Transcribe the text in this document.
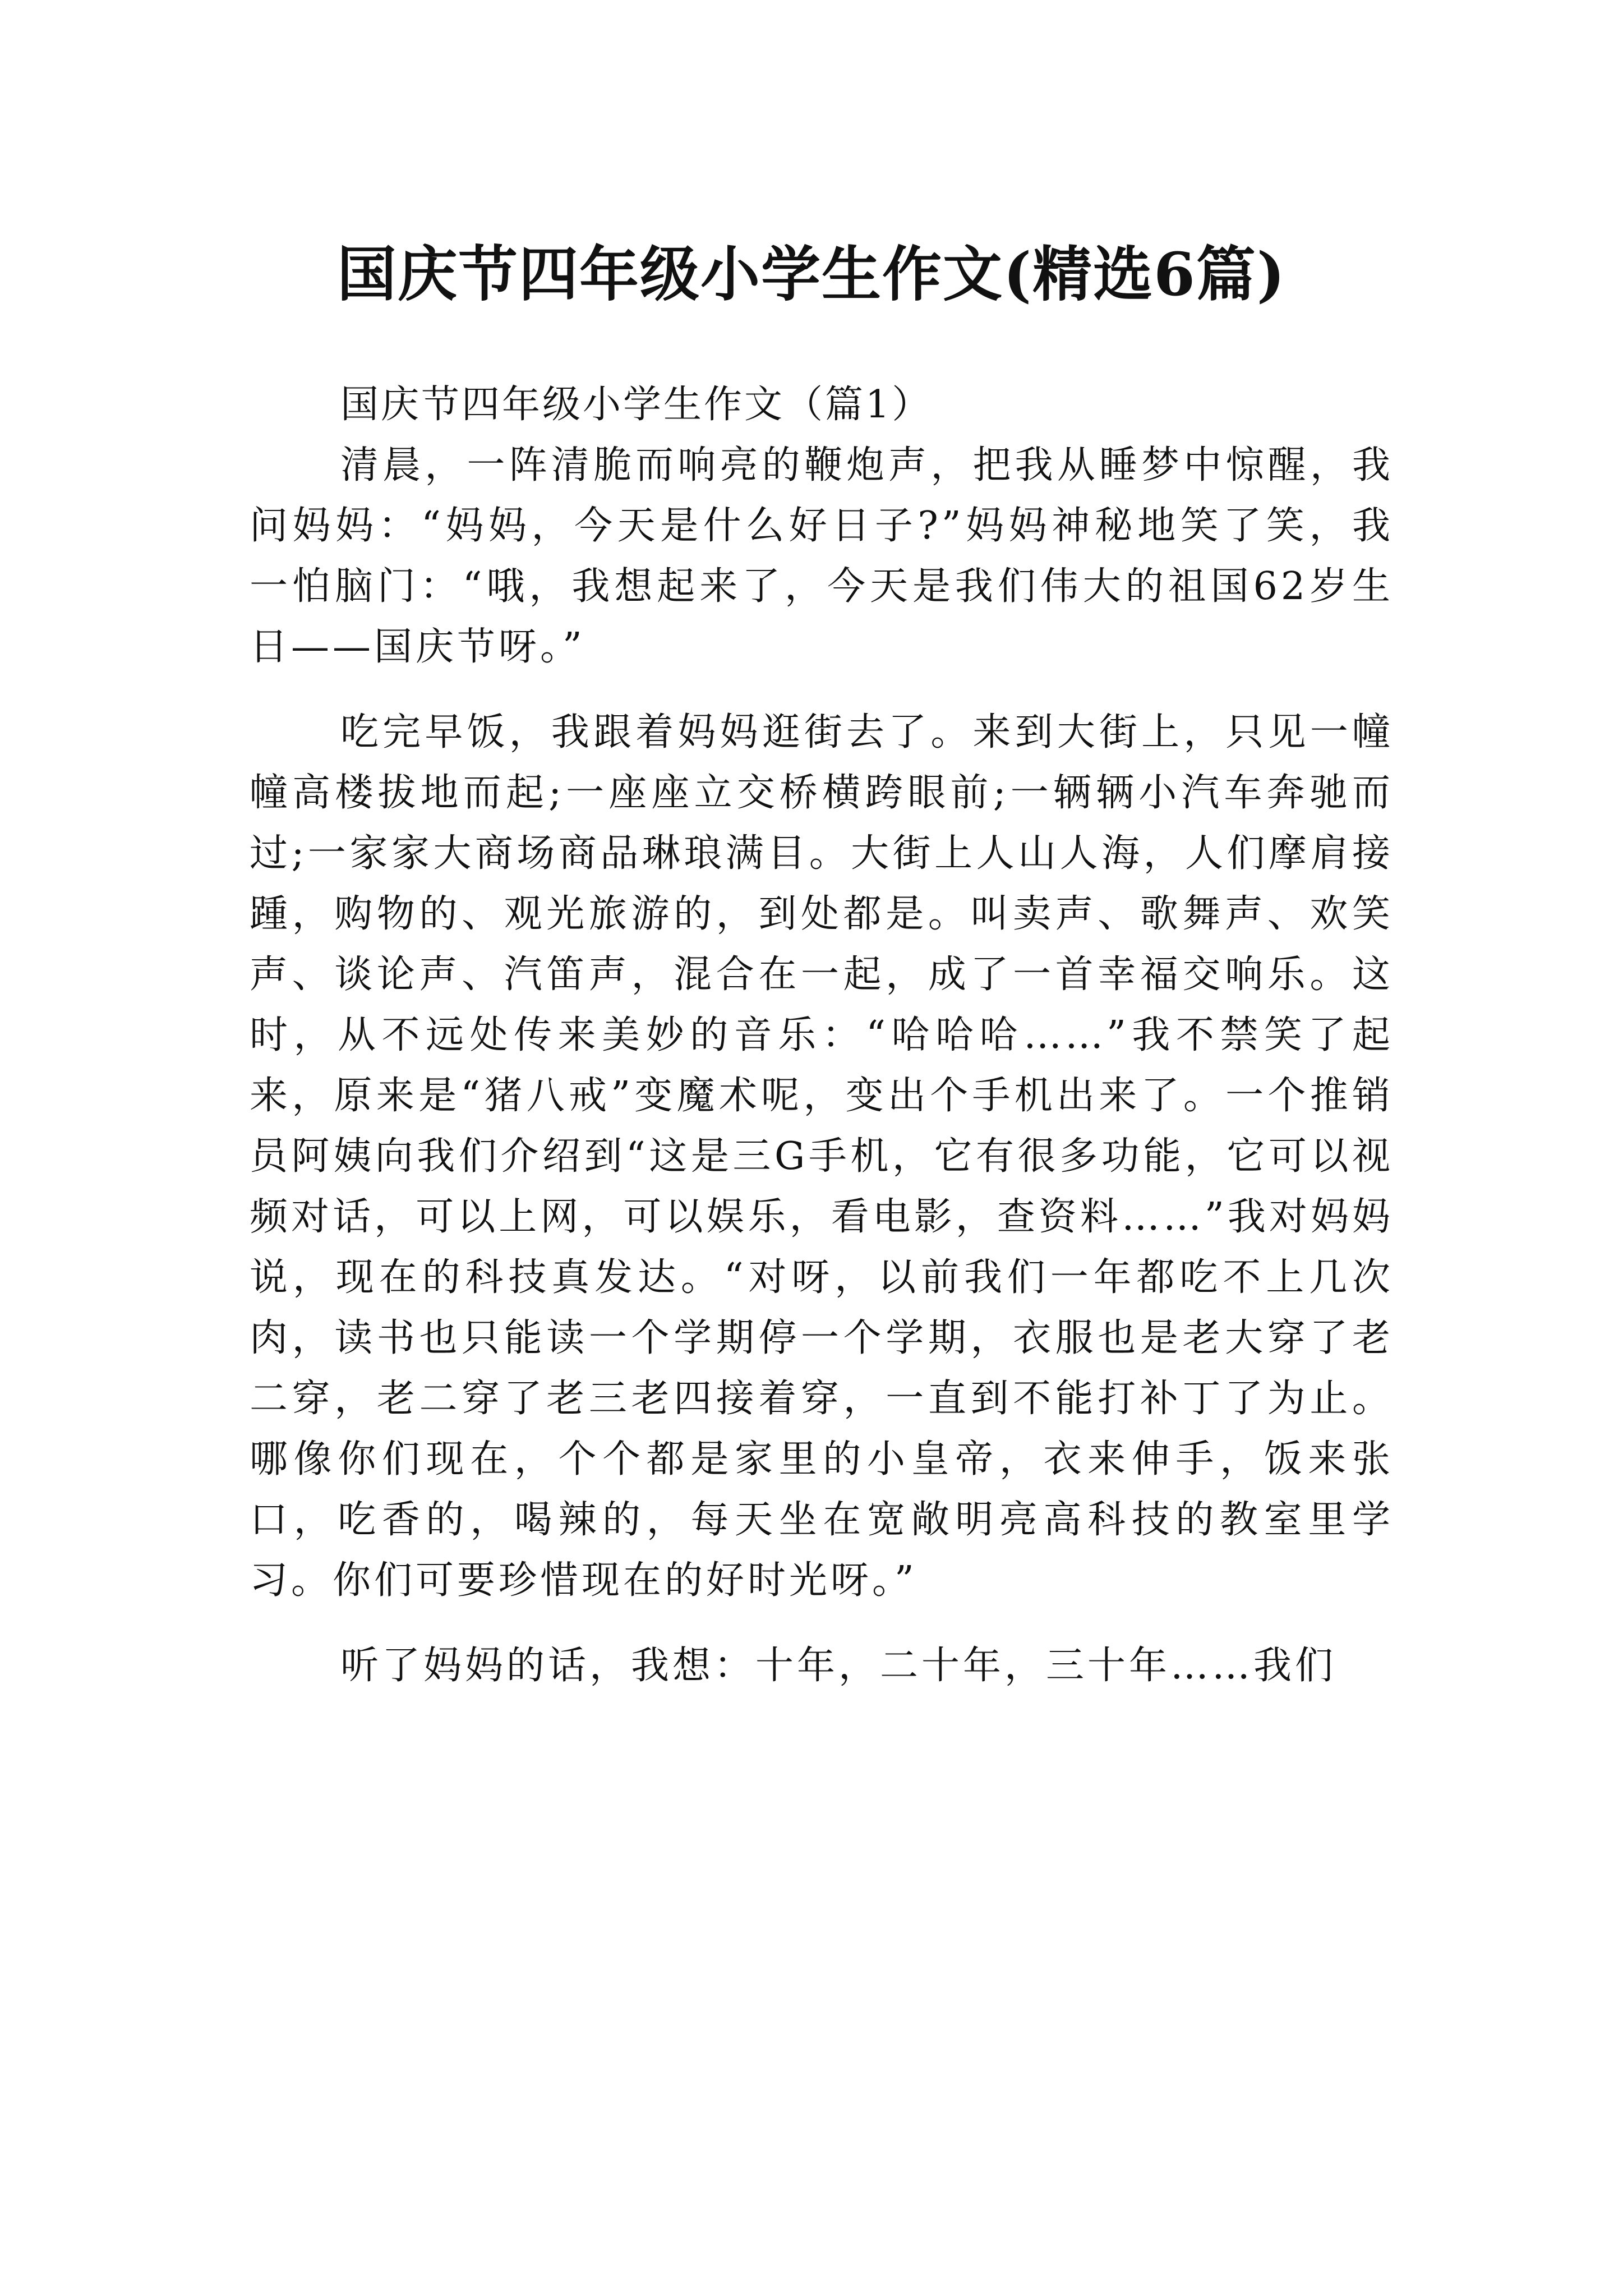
国庆节四年级小学生作文(精选6篇)

国庆节四年级小学生作文（篇1）

清晨，一阵清脆而响亮的鞭炮声，把我从睡梦中惊醒，我问妈妈：“妈妈，今天是什么好日子?”妈妈神秘地笑了笑，我一怕脑门：“哦，我想起来了，今天是我们伟大的祖国62岁生日——国庆节呀。”

吃完早饭，我跟着妈妈逛街去了。来到大街上，只见一幢幢高楼拔地而起;一座座立交桥横跨眼前;一辆辆小汽车奔驰而过;一家家大商场商品琳琅满目。大街上人山人海，人们摩肩接踵，购物的、观光旅游的，到处都是。叫卖声、歌舞声、欢笑声、谈论声、汽笛声，混合在一起，成了一首幸福交响乐。这时，从不远处传来美妙的音乐：“哈哈哈……”我不禁笑了起来，原来是“猪八戒”变魔术呢，变出个手机出来了。一个推销员阿姨向我们介绍到“这是三G手机，它有很多功能，它可以视频对话，可以上网，可以娱乐，看电影，查资料……”我对妈妈说，现在的科技真发达。“对呀，以前我们一年都吃不上几次肉，读书也只能读一个学期停一个学期，衣服也是老大穿了老二穿，老二穿了老三老四接着穿，一直到不能打补丁了为止。哪像你们现在，个个都是家里的小皇帝，衣来伸手，饭来张口，吃香的，喝辣的，每天坐在宽敞明亮高科技的教室里学习。你们可要珍惜现在的好时光呀。”

听了妈妈的话，我想：十年，二十年，三十年……我们
